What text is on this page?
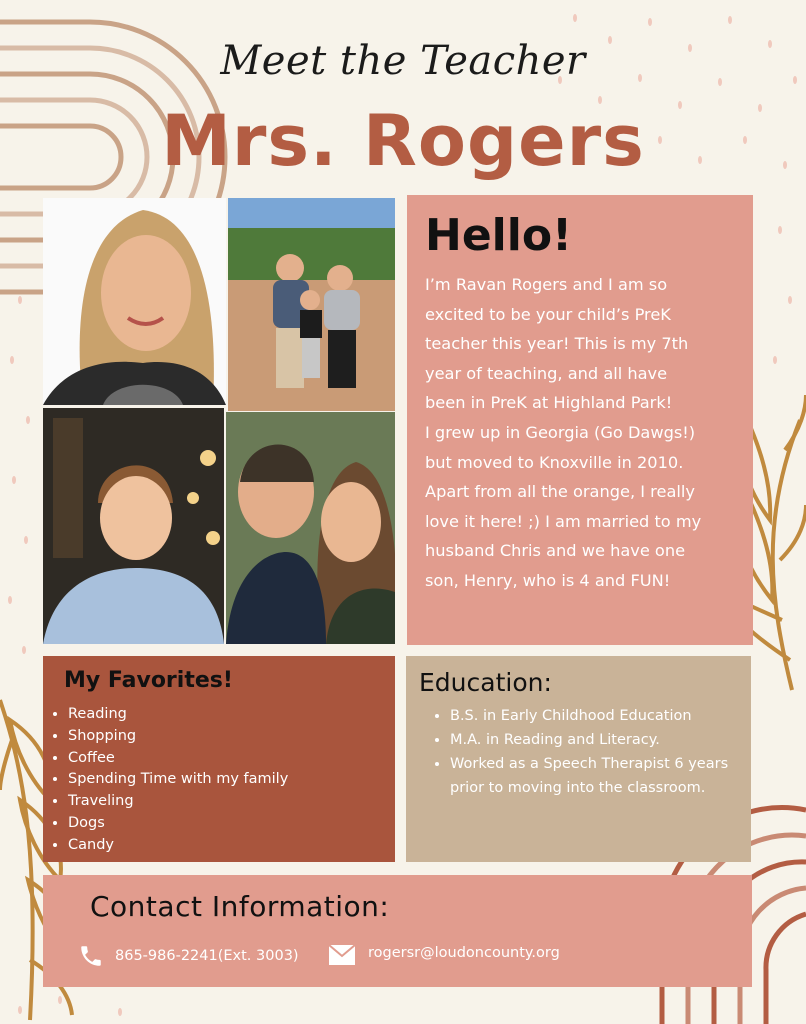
Meet the Teacher
Mrs. Rogers
Hello!
I’m Ravan Rogers and I am so
excited to be your child’s PreK
teacher this year! This is my 7th
year of teaching, and all have
been in PreK at Highland Park!
I grew up in Georgia (Go Dawgs!)
but moved to Knoxville in 2010.
Apart from all the orange, I really
love it here! ;) I am married to my
husband Chris and we have one
son, Henry, who is 4 and FUN!
My Favorites!
• Reading
• Shopping
• Coffee
• Spending Time with my family
• Traveling
• Dogs
• Candy
Education:
• B.S. in Early Childhood Education
• M.A. in Reading and Literacy.
• Worked as a Speech Therapist 6 years prior to moving into the classroom.
Contact Information:
865-986-2241(Ext. 3003)	rogersr@loudoncounty.org
